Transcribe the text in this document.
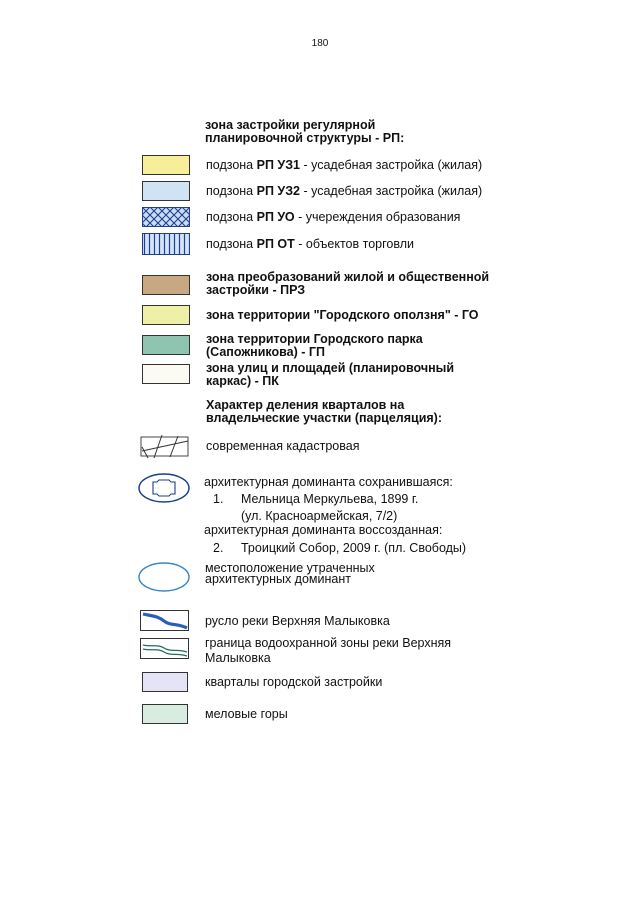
180
зона застройки регулярной
планировочной структуры - РП:
подзона РП УЗ1 - усадебная застройка (жилая)
подзона РП УЗ2 - усадебная застройка (жилая)
подзона РП УО - учереждения образования
подзона РП ОТ - объектов торговли
зона преобразований жилой и общественной
застройки - ПРЗ
зона территории "Городского оползня" - ГО
зона территории Городского парка
(Сапожникова) - ГП
зона улиц и площадей (планировочный
каркас) - ПК
Характер деления кварталов на
владельческие участки (парцеляция):
современная кадастровая
архитектурная доминанта сохранившаяся:
1. Мельница Меркульева, 1899 г.
(ул. Красноармейская, 7/2)
архитектурная доминанта воссозданная:
2. Троицкий Собор, 2009 г. (пл. Свободы)
местоположение утраченных
архитектурных доминант
русло реки Верхняя Малыковка
граница водоохранной зоны реки Верхняя
Малыковка
кварталы городской застройки
меловые горы
